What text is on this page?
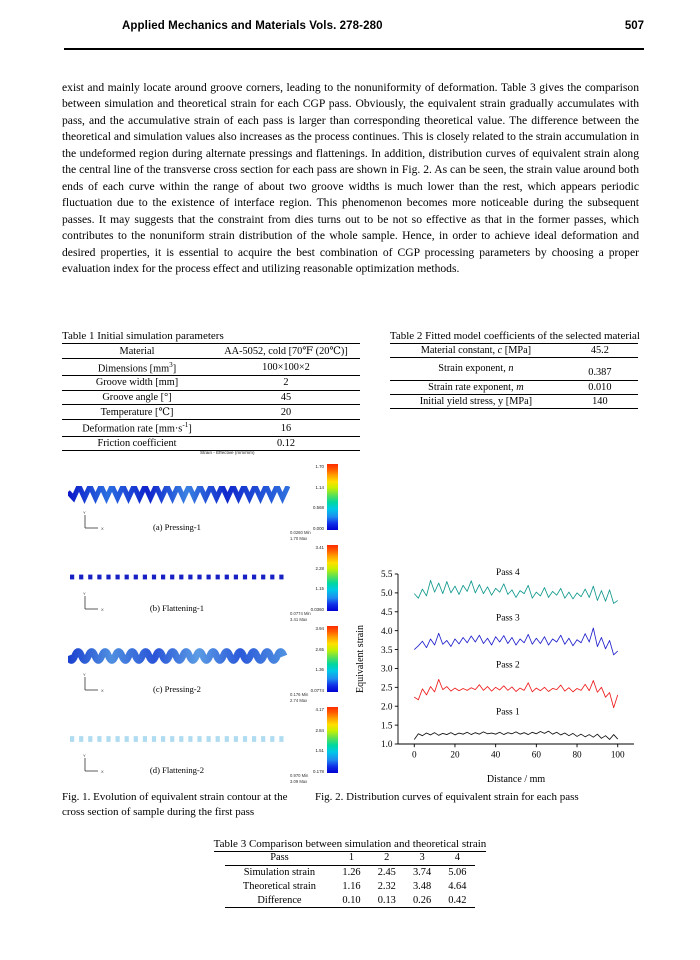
Applied Mechanics and Materials Vols. 278-280	507

exist and mainly locate around groove corners, leading to the nonuniformity of deformation. Table 3 gives the comparison between simulation and theoretical strain for each CGP pass. Obviously, the equivalent strain gradually accumulates with pass, and the accumulative strain of each pass is larger than corresponding theoretical value. The difference between the theoretical and simulation values also increases as the process continues. This is closely related to the strain accumulation in the undeformed region during alternate pressings and flattenings. In addition, distribution curves of equivalent strain along the central line of the transverse cross section for each pass are shown in Fig. 2. As can be seen, the strain value around both ends of each curve within the range of about two groove widths is much lower than the rest, which appears periodic fluctuation due to the existence of interface region. This phenomenon becomes more noticeable during the subsequent passes. It may suggests that the constraint from dies turns out to be not so effective as that in the former passes, which contributes to the nonuniform strain distribution of the whole sample. Hence, in order to achieve ideal deformation and desired properties, it is essential to acquire the best combination of CGP processing parameters by choosing a proper evaluation index for the process effect and utilizing reasonable optimization methods.

Table 1 Initial simulation parameters
Material	AA-5052, cold [70℉ (20℃)]
Dimensions $[mm^3]$	100×100×2
Groove width [mm]	2
Groove angle [°]	45
Temperature [℃]	20
Deformation rate $[mm\cdot s^{-1}]$	16
Friction coefficient	0.12
Table 2 Fitted model coefficients of the selected material
Material constant, c [MPa]	45.2
Strain exponent, n	0.387
Strain rate exponent, m	0.010
Initial yield stress, y [MPa]	140
Strain - Effective (mm/mm)
Y
X	(a) Pressing-1
1.70
1.14
0.568
0.000
0.0260 Min
1.70 Max
Y
X	(b) Flattening-1
3.41
2.28
1.15
0.0360
0.0774 Min
3.41 Max
Y
X	(c) Pressing-2
3.94
2.65
1.36
0.0774
0.176 Min
2.74 Max
Y
X	(d) Flattening-2
4.17
2.84
1.51
0.178
0.970 Min
3.09 Max
1.0
1.5
2.0
2.5
3.0
3.5
4.0
4.5
5.0
5.5
0	20	40	60	80	100
Distance / mm
Equivalent strain
Pass 4
Pass 3
Pass 2
Pass 1
Fig. 1. Evolution of equivalent strain contour at the cross section of sample during the first pass
Fig. 2. Distribution curves of equivalent strain for each pass
Table 3 Comparison between simulation and theoretical strain
Pass	1	2	3	4
Simulation strain	1.26	2.45	3.74	5.06
Theoretical strain	1.16	2.32	3.48	4.64
Difference	0.10	0.13	0.26	0.42
